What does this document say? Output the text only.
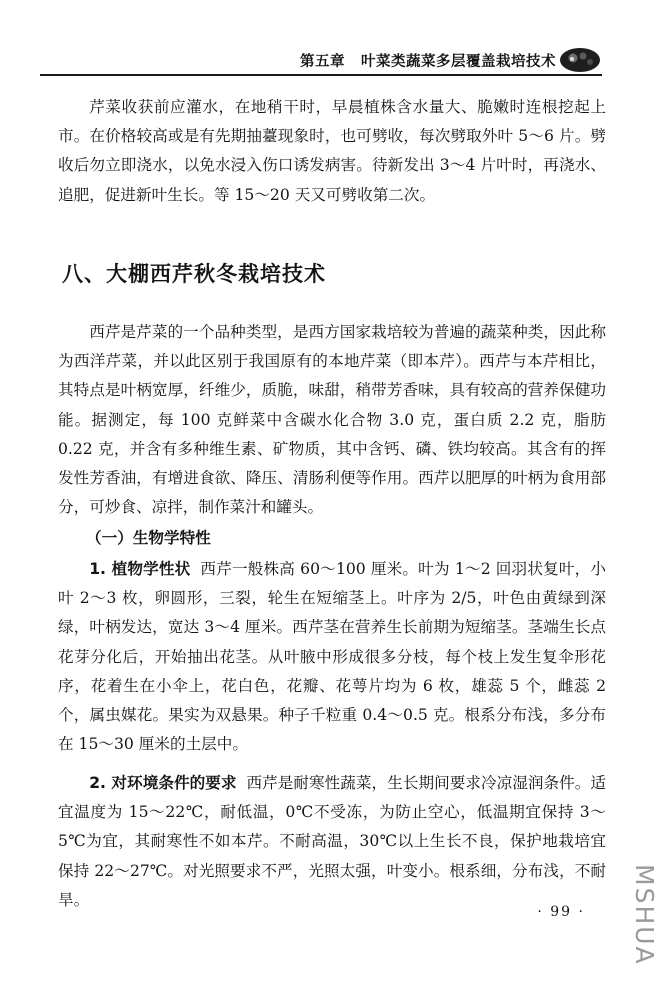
第五章 叶菜类蔬菜多层覆盖栽培技术

芹菜收获前应灌水，在地稍干时，早晨植株含水量大、脆嫩时连根挖起上市。在价格较高或是有先期抽薹现象时，也可劈收，每次劈取外叶 5～6 片。劈收后勿立即浇水，以免水浸入伤口诱发病害。待新发出 3～4 片叶时，再浇水、追肥，促进新叶生长。等 15～20 天又可劈收第二次。

八、大棚西芹秋冬栽培技术

西芹是芹菜的一个品种类型，是西方国家栽培较为普遍的蔬菜种类，因此称为西洋芹菜，并以此区别于我国原有的本地芹菜（即本芹）。西芹与本芹相比，其特点是叶柄宽厚，纤维少，质脆，味甜，稍带芳香味，具有较高的营养保健功能。据测定，每 100 克鲜菜中含碳水化合物 3.0 克，蛋白质 2.2 克，脂肪 0.22 克，并含有多种维生素、矿物质，其中含钙、磷、铁均较高。其含有的挥发性芳香油，有增进食欲、降压、清肠利便等作用。西芹以肥厚的叶柄为食用部分，可炒食、凉拌，制作菜汁和罐头。

（一）生物学特性

1. 植物学性状 西芹一般株高 60～100 厘米。叶为 1～2 回羽状复叶，小叶 2～3 枚，卵圆形，三裂，轮生在短缩茎上。叶序为 2/5，叶色由黄绿到深绿，叶柄发达，宽达 3～4 厘米。西芹茎在营养生长前期为短缩茎。茎端生长点花芽分化后，开始抽出花茎。从叶腋中形成很多分枝，每个枝上发生复伞形花序，花着生在小伞上，花白色，花瓣、花萼片均为 6 枚，雄蕊 5 个，雌蕊 2 个，属虫媒花。果实为双悬果。种子千粒重 0.4～0.5 克。根系分布浅，多分布在 15～30 厘米的土层中。

2. 对环境条件的要求 西芹是耐寒性蔬菜，生长期间要求冷凉湿润条件。适宜温度为 15～22℃，耐低温，0℃不受冻，为防止空心，低温期宜保持 3～5℃为宜，其耐寒性不如本芹。不耐高温，30℃以上生长不良，保护地栽培宜保持 22～27℃。对光照要求不严，光照太强，叶变小。根系细，分布浅，不耐旱。

· 99 · MSHUA
